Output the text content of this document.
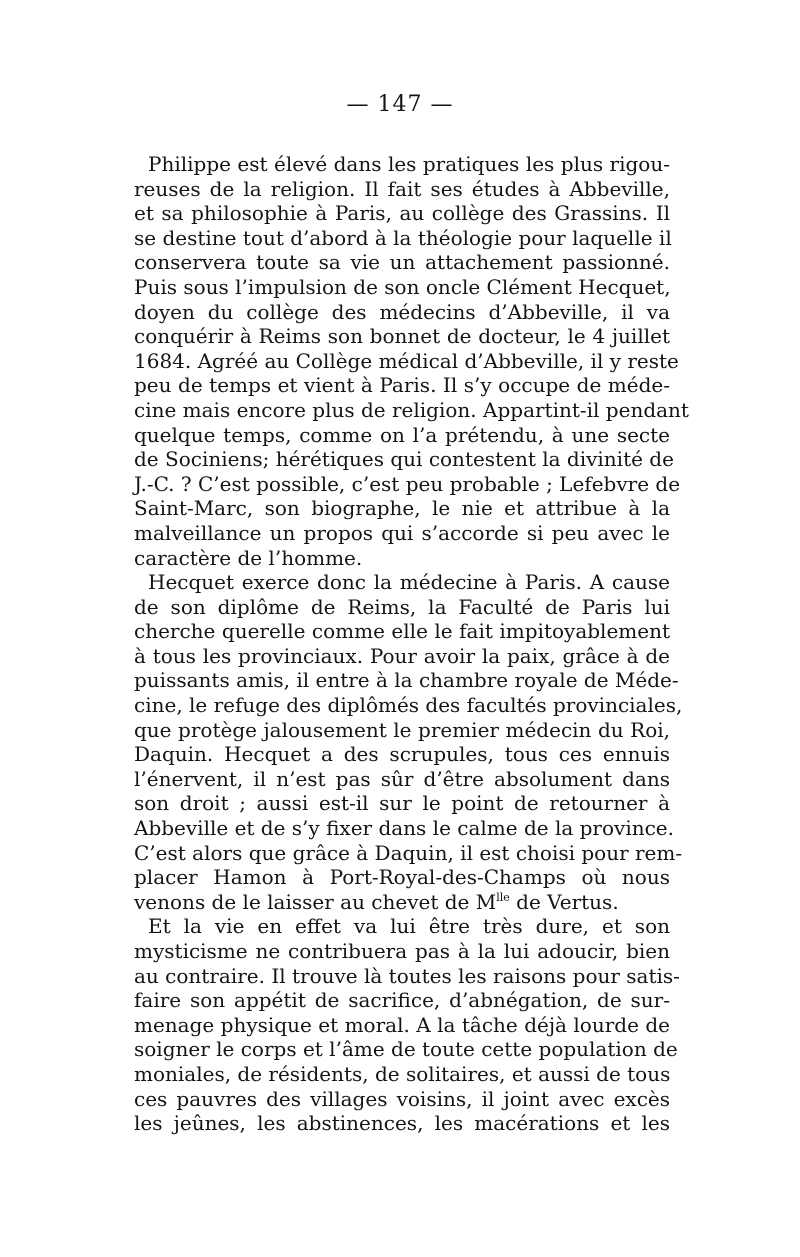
— 147 —
Philippe est élevé dans les pratiques les plus rigou-
reuses de la religion. Il fait ses études à Abbeville,
et sa philosophie à Paris, au collège des Grassins. Il
se destine tout d’abord à la théologie pour laquelle il
conservera toute sa vie un attachement passionné.
Puis sous l’impulsion de son oncle Clément Hecquet,
doyen du collège des médecins d’Abbeville, il va
conquérir à Reims son bonnet de docteur, le 4 juillet
1684. Agréé au Collège médical d’Abbeville, il y reste
peu de temps et vient à Paris. Il s’y occupe de méde-
cine mais encore plus de religion. Appartint-il pendant
quelque temps, comme on l’a prétendu, à une secte
de Sociniens; hérétiques qui contestent la divinité de
J.-C. ? C’est possible, c’est peu probable ; Lefebvre de
Saint-Marc, son biographe, le nie et attribue à la
malveillance un propos qui s’accorde si peu avec le
caractère de l’homme.
Hecquet exerce donc la médecine à Paris. A cause
de son diplôme de Reims, la Faculté de Paris lui
cherche querelle comme elle le fait impitoyablement
à tous les provinciaux. Pour avoir la paix, grâce à de
puissants amis, il entre à la chambre royale de Méde-
cine, le refuge des diplômés des facultés provinciales,
que protège jalousement le premier médecin du Roi,
Daquin. Hecquet a des scrupules, tous ces ennuis
l’énervent, il n’est pas sûr d’être absolument dans
son droit ; aussi est-il sur le point de retourner à
Abbeville et de s’y fixer dans le calme de la province.
C’est alors que grâce à Daquin, il est choisi pour rem-
placer Hamon à Port-Royal-des-Champs où nous
venons de le laisser au chevet de $M^{lle}$ de Vertus.
Et la vie en effet va lui être très dure, et son
mysticisme ne contribuera pas à la lui adoucir, bien
au contraire. Il trouve là toutes les raisons pour satis-
faire son appétit de sacrifice, d’abnégation, de sur-
menage physique et moral. A la tâche déjà lourde de
soigner le corps et l’âme de toute cette population de
moniales, de résidents, de solitaires, et aussi de tous
ces pauvres des villages voisins, il joint avec excès
les jeûnes, les abstinences, les macérations et les
